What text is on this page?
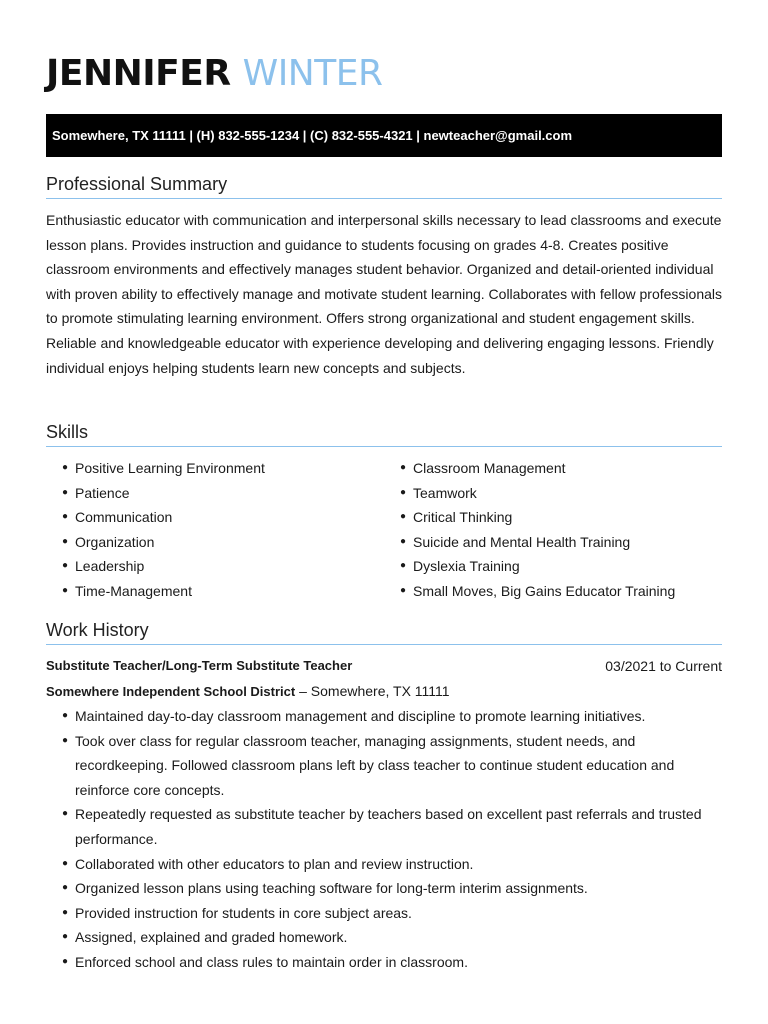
JENNIFER WINTER
Somewhere, TX 11111 | (H) 832-555-1234 | (C) 832-555-4321 | newteacher@gmail.com
Professional Summary

Enthusiastic educator with communication and interpersonal skills necessary to lead classrooms and execute lesson plans. Provides instruction and guidance to students focusing on grades 4-8. Creates positive classroom environments and effectively manages student behavior. Organized and detail-oriented individual with proven ability to effectively manage and motivate student learning. Collaborates with fellow professionals to promote stimulating learning environment. Offers strong organizational and student engagement skills. Reliable and knowledgeable educator with experience developing and delivering engaging lessons. Friendly individual enjoys helping students learn new concepts and subjects.

Skills
● Positive Learning Environment
● Patience
● Communication
● Organization
● Leadership
● Time-Management
● Classroom Management
● Teamwork
● Critical Thinking
● Suicide and Mental Health Training
● Dyslexia Training
● Small Moves, Big Gains Educator Training
Work History
Substitute Teacher/Long-Term Substitute Teacher	03/2021 to Current
Somewhere Independent School District – Somewhere, TX 11111
● Maintained day-to-day classroom management and discipline to promote learning initiatives.
● Took over class for regular classroom teacher, managing assignments, student needs, and recordkeeping. Followed classroom plans left by class teacher to continue student education and reinforce core concepts.
● Repeatedly requested as substitute teacher by teachers based on excellent past referrals and trusted performance.
● Collaborated with other educators to plan and review instruction.
● Organized lesson plans using teaching software for long-term interim assignments.
● Provided instruction for students in core subject areas.
● Assigned, explained and graded homework.
● Enforced school and class rules to maintain order in classroom.
